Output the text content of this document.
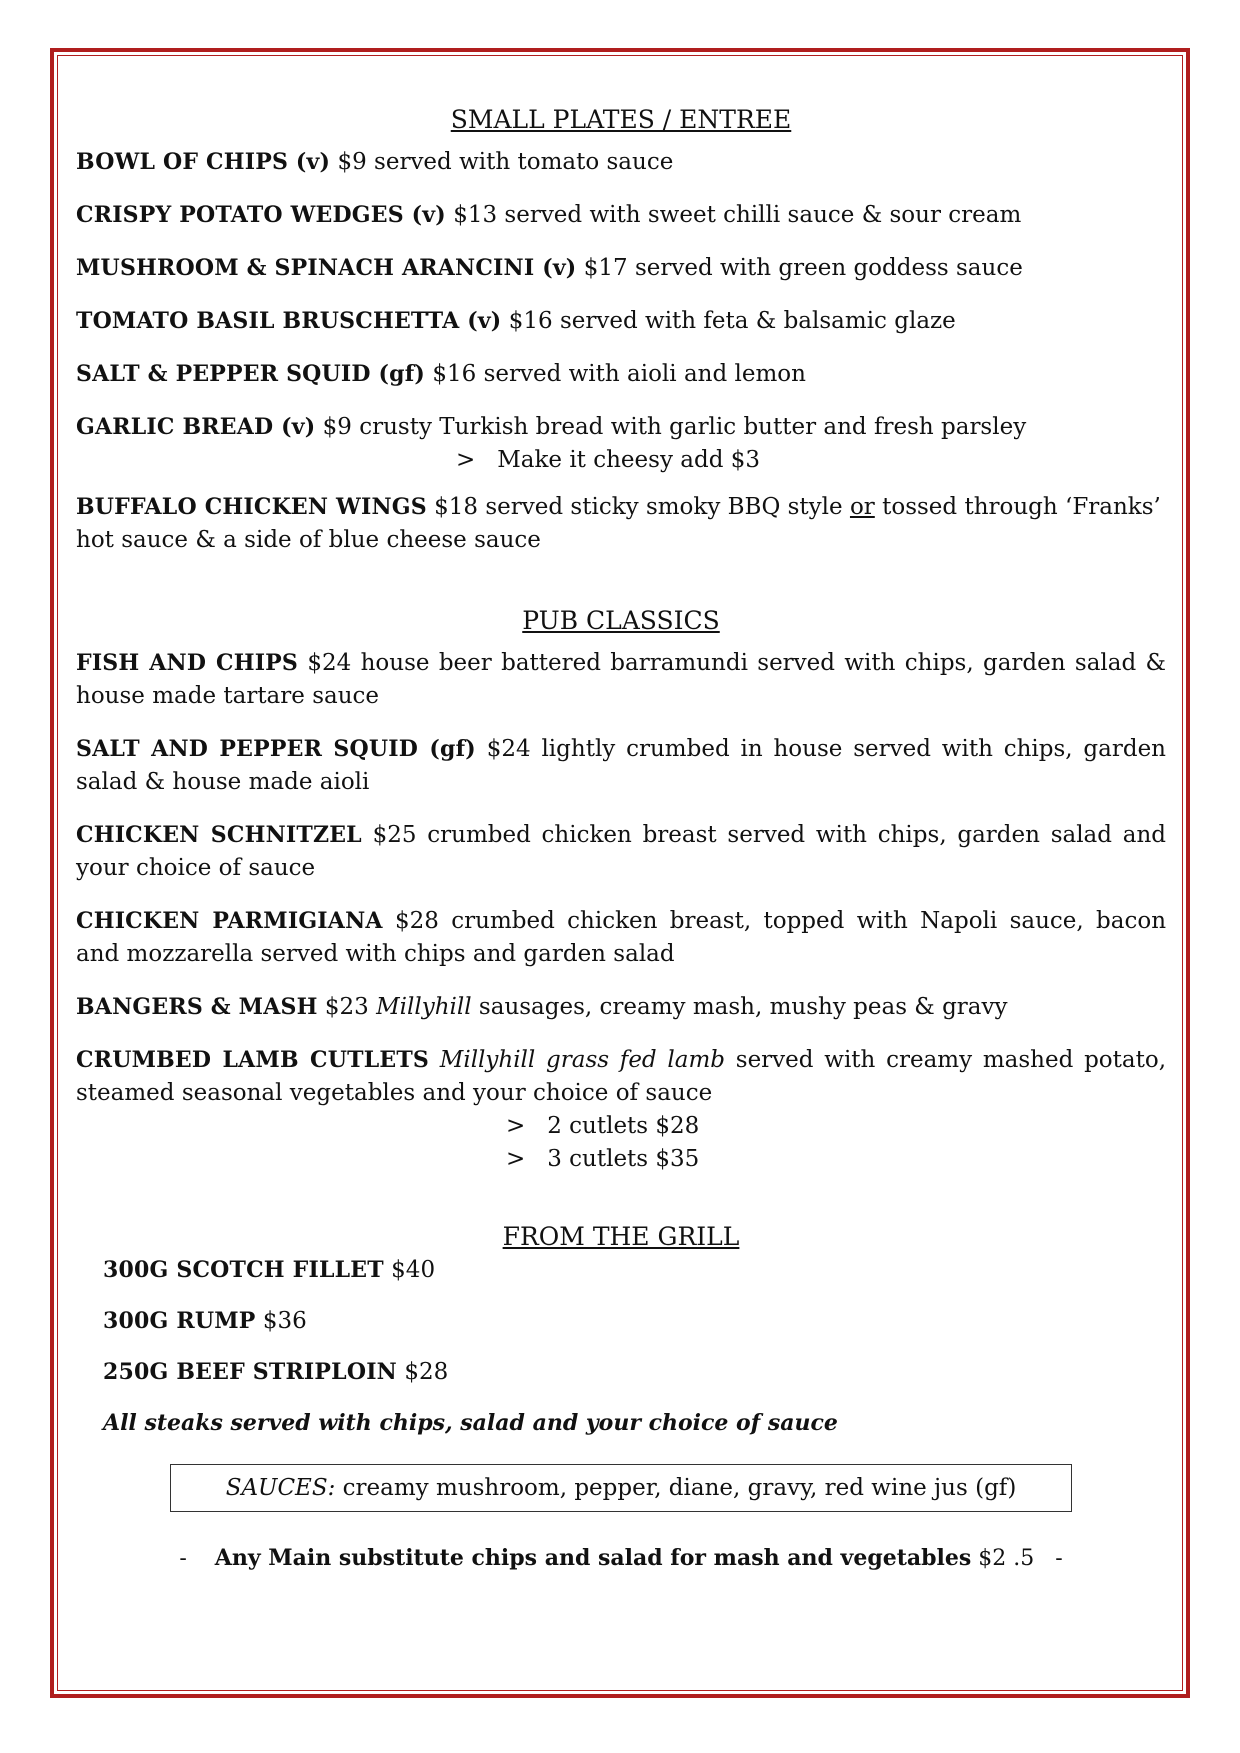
SMALL PLATES / ENTREE
BOWL OF CHIPS (v) $9 served with tomato sauce
CRISPY POTATO WEDGES (v) $13 served with sweet chilli sauce & sour cream
MUSHROOM & SPINACH ARANCINI (v) $17 served with green goddess sauce
TOMATO BASIL BRUSCHETTA (v) $16 served with feta & balsamic glaze
SALT & PEPPER SQUID (gf) $16 served with aioli and lemon
GARLIC BREAD (v) $9 crusty Turkish bread with garlic butter and fresh parsley
>   Make it cheesy add $3
BUFFALO CHICKEN WINGS $18 served sticky smoky BBQ style or tossed through ‘Franks’ hot sauce & a side of blue cheese sauce
PUB CLASSICS
FISH AND CHIPS $24 house beer battered barramundi served with chips, garden salad & house made tartare sauce
SALT AND PEPPER SQUID (gf) $24 lightly crumbed in house served with chips, garden salad & house made aioli
CHICKEN SCHNITZEL $25 crumbed chicken breast served with chips, garden salad and your choice of sauce
CHICKEN PARMIGIANA $28 crumbed chicken breast, topped with Napoli sauce, bacon and mozzarella served with chips and garden salad
BANGERS & MASH $23 Millyhill sausages, creamy mash, mushy peas & gravy
CRUMBED LAMB CUTLETS Millyhill grass fed lamb served with creamy mashed potato, steamed seasonal vegetables and your choice of sauce
>   2 cutlets $28
>   3 cutlets $35
FROM THE GRILL
300G SCOTCH FILLET $40
300G RUMP $36
250G BEEF STRIPLOIN $28
All steaks served with chips, salad and your choice of sauce
SAUCES: creamy mushroom, pepper, diane, gravy, red wine jus (gf)
- Any Main substitute chips and salad for mash and vegetables $2 .5 -
